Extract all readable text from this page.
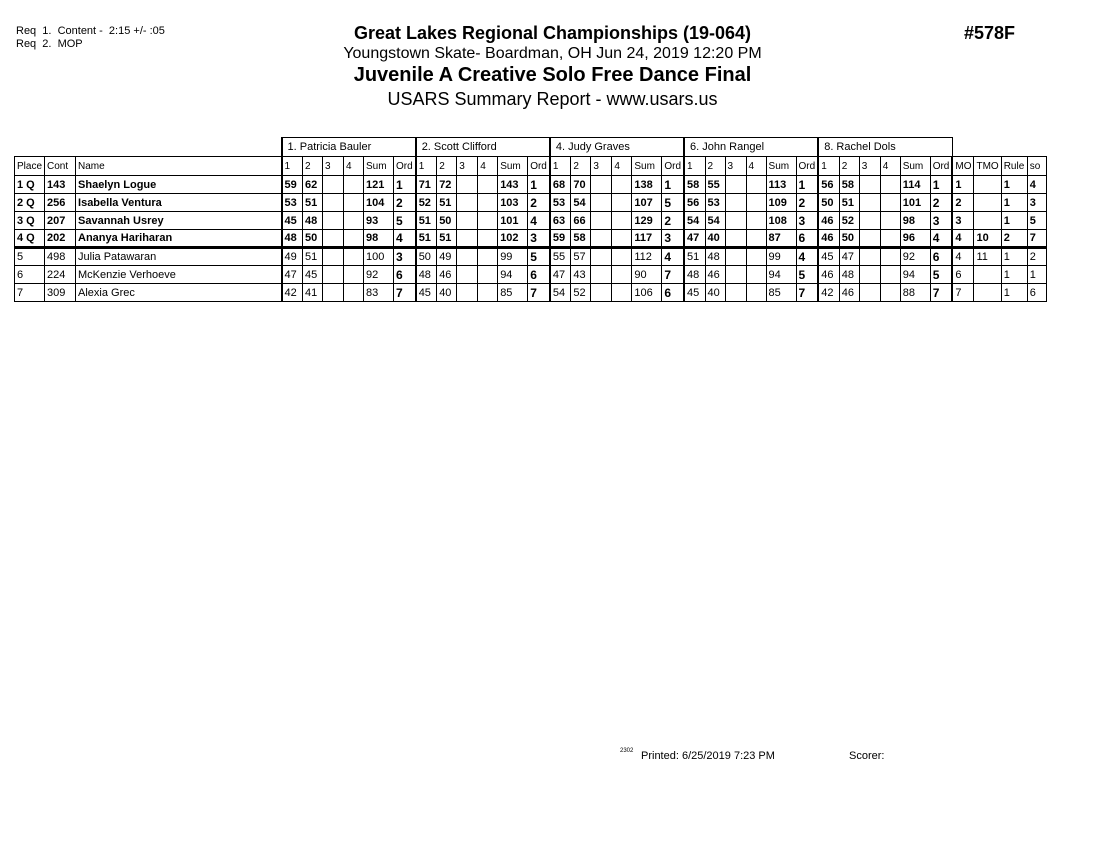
Req  1.  Content -  2:15 +/- :05
Req  2.  MOP
Great Lakes Regional Championships (19-064)
Youngstown Skate- Boardman, OH Jun 24, 2019 12:20 PM
Juvenile A Creative Solo Free Dance Final
USARS Summary Report - www.usars.us
#578F
			1. Patricia Bauler						2. Scott Clifford						4. Judy Graves						6. John Rangel						8. Rachel Dols									
Place	Cont	Name	1	2	3	4	Sum	Ord	1	2	3	4	Sum	Ord	1	2	3	4	Sum	Ord	1	2	3	4	Sum	Ord	1	2	3	4	Sum	Ord	MO	TMO	Rule	so
1 Q	143	Shaelyn Logue	59	62			121	1	71	72			143	1	68	70			138	1	58	55			113	1	56	58			114	1	1		1	4
2 Q	256	Isabella Ventura	53	51			104	2	52	51			103	2	53	54			107	5	56	53			109	2	50	51			101	2	2		1	3
3 Q	207	Savannah Usrey	45	48			93	5	51	50			101	4	63	66			129	2	54	54			108	3	46	52			98	3	3		1	5
4 Q	202	Ananya Hariharan	48	50			98	4	51	51			102	3	59	58			117	3	47	40			87	6	46	50			96	4	4	10	2	7
5	498	Julia Patawaran	49	51			100	3	50	49			99	5	55	57			112	4	51	48			99	4	45	47			92	6	4	11	1	2
6	224	McKenzie Verhoeve	47	45			92	6	48	46			94	6	47	43			90	7	48	46			94	5	46	48			94	5	6		1	1
7	309	Alexia Grec	42	41			83	7	45	40			85	7	54	52			106	6	45	40			85	7	42	46			88	7	7		1	6
2302 Printed: 6/25/2019 7:23 PM	Scorer:
